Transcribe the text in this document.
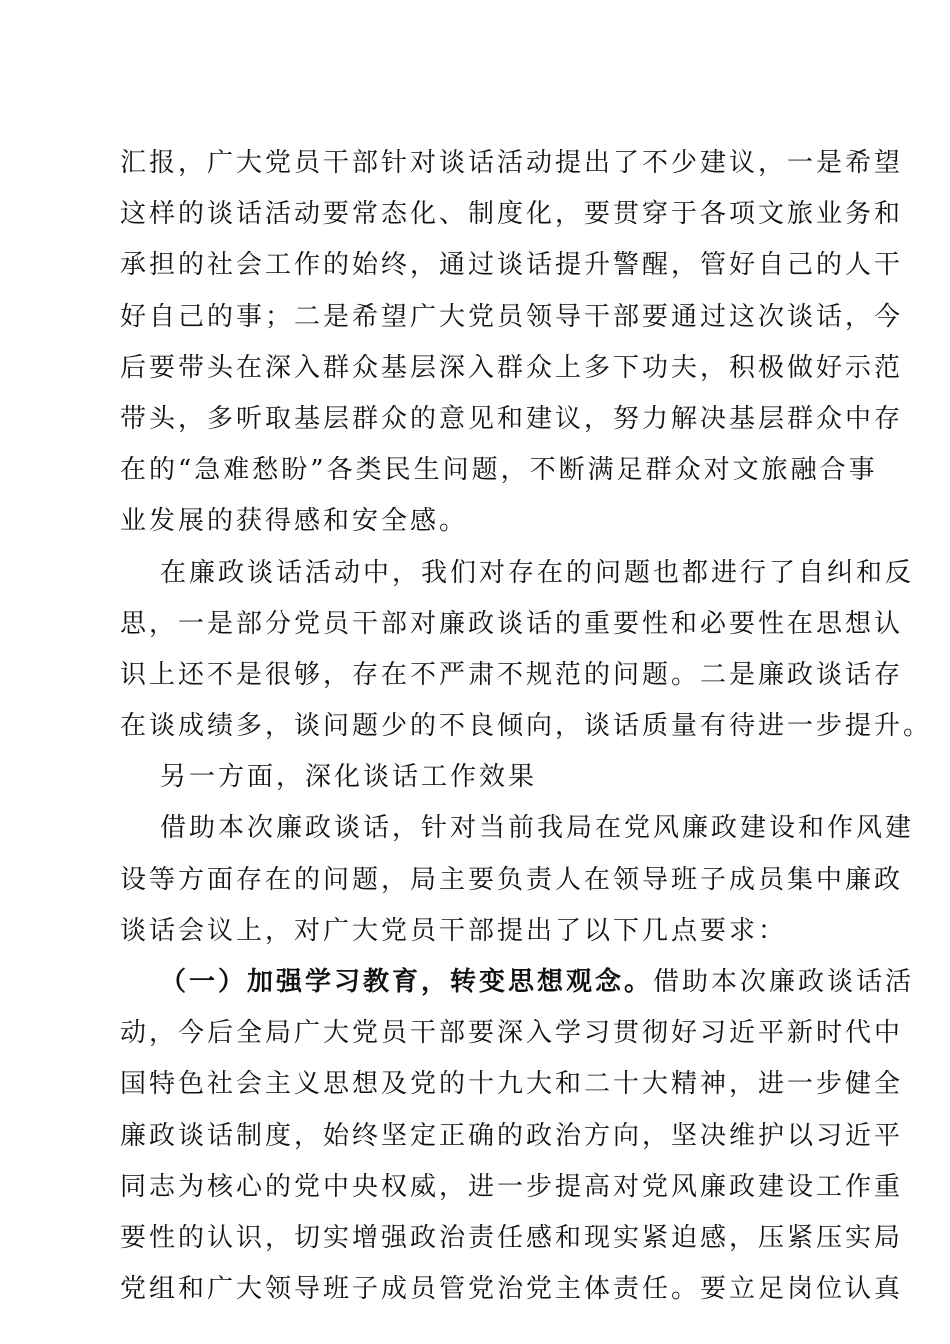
汇报，广大党员干部针对谈话活动提出了不少建议，一是希望
这样的谈话活动要常态化、制度化，要贯穿于各项文旅业务和
承担的社会工作的始终，通过谈话提升警醒，管好自己的人干
好自己的事；二是希望广大党员领导干部要通过这次谈话，今
后要带头在深入群众基层深入群众上多下功夫，积极做好示范
带头，多听取基层群众的意见和建议，努力解决基层群众中存
在的“急难愁盼”各类民生问题，不断满足群众对文旅融合事
业发展的获得感和安全感。
在廉政谈话活动中，我们对存在的问题也都进行了自纠和反
思，一是部分党员干部对廉政谈话的重要性和必要性在思想认
识上还不是很够，存在不严肃不规范的问题。二是廉政谈话存
在谈成绩多，谈问题少的不良倾向，谈话质量有待进一步提升。
另一方面，深化谈话工作效果
借助本次廉政谈话，针对当前我局在党风廉政建设和作风建
设等方面存在的问题，局主要负责人在领导班子成员集中廉政
谈话会议上，对广大党员干部提出了以下几点要求：
（一）加强学习教育，转变思想观念。借助本次廉政谈话活
动，今后全局广大党员干部要深入学习贯彻好习近平新时代中
国特色社会主义思想及党的十九大和二十大精神，进一步健全
廉政谈话制度，始终坚定正确的政治方向，坚决维护以习近平
同志为核心的党中央权威，进一步提高对党风廉政建设工作重
要性的认识，切实增强政治责任感和现实紧迫感，压紧压实局
党组和广大领导班子成员管党治党主体责任。要立足岗位认真
